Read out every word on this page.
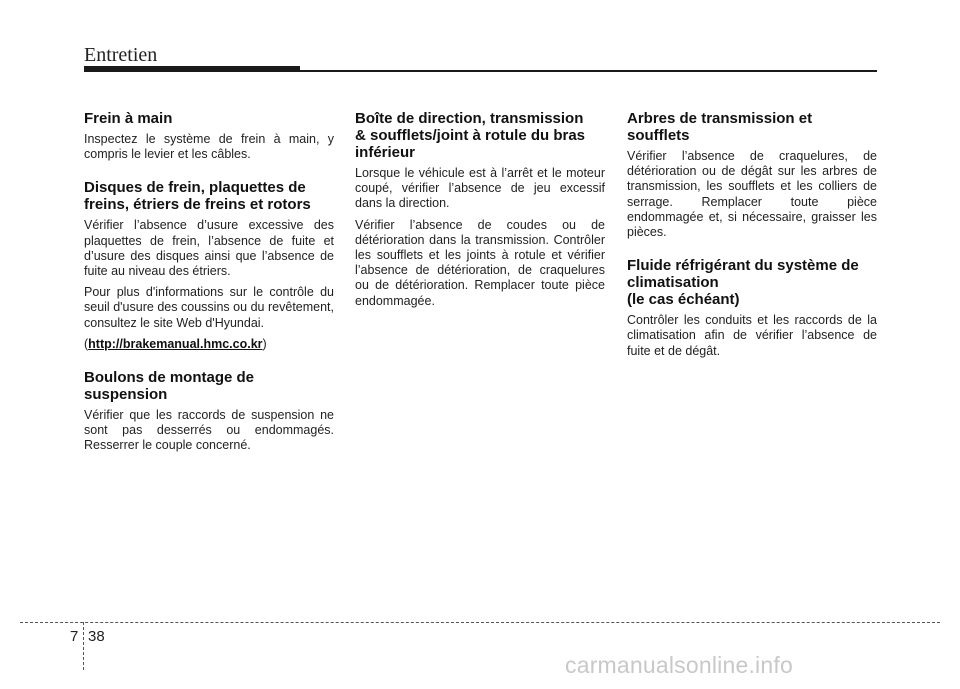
Entretien
Frein à main

Inspectez le système de frein à main, y compris le levier et les câbles.

Disques de frein, plaquettes de
freins, étriers de freins et rotors

Vérifier l’absence d’usure excessive des plaquettes de frein, l’absence de fuite et d’usure des disques ainsi que l’absence de fuite au niveau des étriers.

Pour plus d'informations sur le contrôle du seuil d'usure des coussins ou du revêtement, consultez le site Web d'Hyundai.

(http://brakemanual.hmc.co.kr)

Boulons de montage de
suspension

Vérifier que les raccords de suspension ne sont pas desserrés ou endommagés. Resserrer le couple concerné.

Boîte de direction, transmission
& soufflets/joint à rotule du bras
inférieur

Lorsque le véhicule est à l’arrêt et le moteur coupé, vérifier l’absence de jeu excessif dans la direction.

Vérifier l’absence de coudes ou de détérioration dans la transmission. Contrôler les soufflets et les joints à rotule et vérifier l’absence de détérioration, de craquelures ou de détérioration. Remplacer toute pièce endommagée.

Arbres de transmission et
soufflets

Vérifier l’absence de craquelures, de détérioration ou de dégât sur les arbres de transmission, les soufflets et les colliers de serrage. Remplacer toute pièce endommagée et, si nécessaire, graisser les pièces.

Fluide réfrigérant du système de
climatisation
(le cas échéant)

Contrôler les conduits et les raccords de la climatisation afin de vérifier l’absence de fuite et de dégât.

7 38
carmanualsonline.info
